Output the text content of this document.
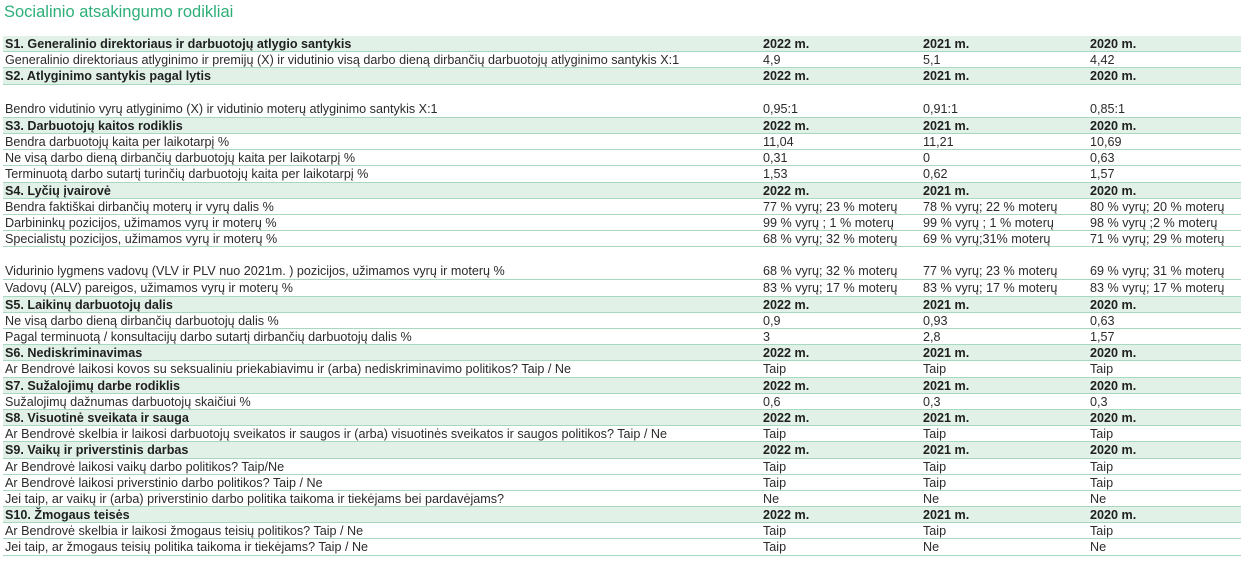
Socialinio atsakingumo rodikliai
S1. Generalinio direktoriaus ir darbuotojų atlygio santykis	2022 m.	2021 m.	2020 m.
Generalinio direktoriaus atlyginimo ir premijų (X) ir vidutinio visą darbo dieną dirbančių darbuotojų atlyginimo santykis X:1	4,9	5,1	4,42
S2. Atlyginimo santykis pagal lytis	2022 m.	2021 m.	2020 m.
Bendro vidutinio vyrų atlyginimo (X) ir vidutinio moterų atlyginimo santykis X:1	0,95:1	0,91:1	0,85:1
S3. Darbuotojų kaitos rodiklis	2022 m.	2021 m.	2020 m.
Bendra darbuotojų kaita per laikotarpį %	11,04	11,21	10,69
Ne visą darbo dieną dirbančių darbuotojų kaita per laikotarpį %	0,31	0	0,63
Terminuotą darbo sutartį turinčių darbuotojų kaita per laikotarpį %	1,53	0,62	1,57
S4. Lyčių įvairovė	2022 m.	2021 m.	2020 m.
Bendra faktiškai dirbančių moterų ir vyrų dalis %	77 % vyrų; 23 % moterų	78 % vyrų; 22 % moterų	80 % vyrų; 20 % moterų
Darbininkų pozicijos, užimamos vyrų ir moterų %	99 % vyrų ; 1 % moterų	99 % vyrų ; 1 % moterų	98 % vyrų ;2 % moterų
Specialistų pozicijos, užimamos vyrų ir moterų %	68 % vyrų; 32 % moterų	69 % vyrų;31% moterų	71 % vyrų; 29 % moterų
Vidurinio lygmens vadovų (VLV ir PLV nuo 2021m. ) pozicijos, užimamos vyrų ir moterų %	68 % vyrų; 32 % moterų	77 % vyrų; 23 % moterų	69 % vyrų; 31 % moterų
Vadovų (ALV) pareigos, užimamos vyrų ir moterų %	83 % vyrų; 17 % moterų	83 % vyrų; 17 % moterų	83 % vyrų; 17 % moterų
S5. Laikinų darbuotojų dalis	2022 m.	2021 m.	2020 m.
Ne visą darbo dieną dirbančių darbuotojų dalis %	0,9	0,93	0,63
Pagal terminuotą / konsultacijų darbo sutartį dirbančių darbuotojų dalis %	3	2,8	1,57
S6. Nediskriminavimas	2022 m.	2021 m.	2020 m.
Ar Bendrovė laikosi kovos su seksualiniu priekabiavimu ir (arba) nediskriminavimo politikos? Taip / Ne	Taip	Taip	Taip
S7. Sužalojimų darbe rodiklis	2022 m.	2021 m.	2020 m.
Sužalojimų dažnumas darbuotojų skaičiui %	0,6	0,3	0,3
S8. Visuotinė sveikata ir sauga	2022 m.	2021 m.	2020 m.
Ar Bendrovė skelbia ir laikosi darbuotojų sveikatos ir saugos ir (arba) visuotinės sveikatos ir saugos politikos? Taip / Ne	Taip	Taip	Taip
S9. Vaikų ir priverstinis darbas	2022 m.	2021 m.	2020 m.
Ar Bendrovė laikosi vaikų darbo politikos? Taip/Ne	Taip	Taip	Taip
Ar Bendrovė laikosi priverstinio darbo politikos? Taip / Ne	Taip	Taip	Taip
Jei taip, ar vaikų ir (arba) priverstinio darbo politika taikoma ir tiekėjams bei pardavėjams?	Ne	Ne	Ne
S10. Žmogaus teisės	2022 m.	2021 m.	2020 m.
Ar Bendrovė skelbia ir laikosi žmogaus teisių politikos? Taip / Ne	Taip	Taip	Taip
Jei taip, ar žmogaus teisių politika taikoma ir tiekėjams? Taip / Ne	Taip	Ne	Ne
